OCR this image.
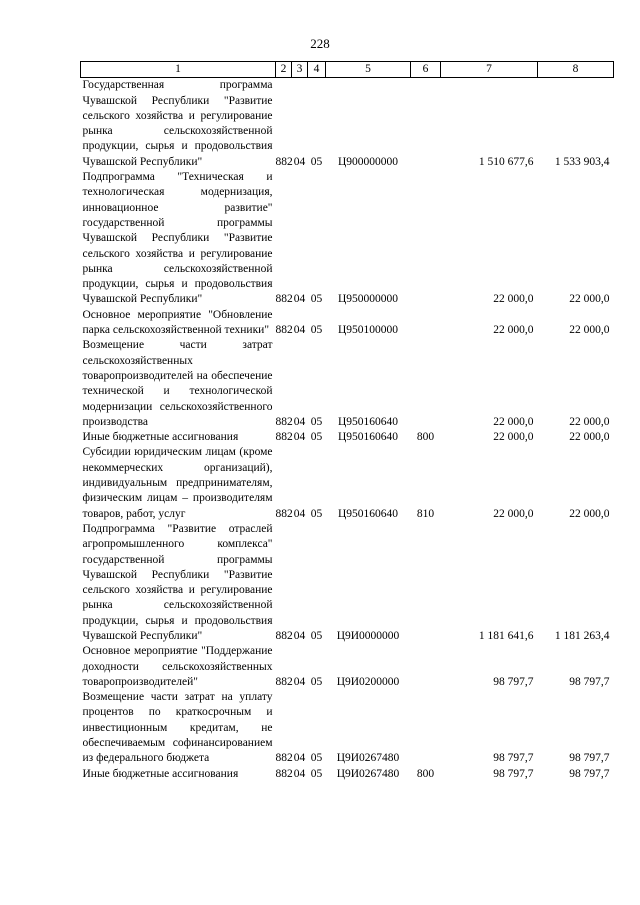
228
1	2	3	4	5	6	7	8
Государственная программа Чувашской Республики "Развитие сельского хозяйства и регулирование рынка сельскохозяйственной продукции, сырья и продовольствия Чувашской Республики"	882	04	05	Ц900000000		1 510 677,6	1 533 903,4
Подпрограмма "Техническая и технологическая модернизация, инновационное развитие" государственной программы Чувашской Республики "Развитие сельского хозяйства и регулирование рынка сельскохозяйственной продукции, сырья и продовольствия Чувашской Республики"	882	04	05	Ц950000000		22 000,0	22 000,0
Основное мероприятие "Обновление парка сельскохозяйственной техники"	882	04	05	Ц950100000		22 000,0	22 000,0
Возмещение части затрат сельскохозяйственных товаропроизводителей на обеспечение технической и технологической модернизации сельскохозяйственного производства	882	04	05	Ц950160640		22 000,0	22 000,0
Иные бюджетные ассигнования	882	04	05	Ц950160640	800	22 000,0	22 000,0
Субсидии юридическим лицам (кроме некоммерческих организаций), индивидуальным предпринимателям, физическим лицам – производителям товаров, работ, услуг	882	04	05	Ц950160640	810	22 000,0	22 000,0
Подпрограмма "Развитие отраслей агропромышленного комплекса" государственной программы Чувашской Республики "Развитие сельского хозяйства и регулирование рынка сельскохозяйственной продукции, сырья и продовольствия Чувашской Республики"	882	04	05	Ц9И0000000		1 181 641,6	1 181 263,4
Основное мероприятие "Поддержание доходности сельскохозяйственных товаропроизводителей"	882	04	05	Ц9И0200000		98 797,7	98 797,7
Возмещение части затрат на уплату процентов по краткосрочным и инвестиционным кредитам, не обеспечиваемым софинансированием из федерального бюджета	882	04	05	Ц9И0267480		98 797,7	98 797,7
Иные бюджетные ассигнования	882	04	05	Ц9И0267480	800	98 797,7	98 797,7
